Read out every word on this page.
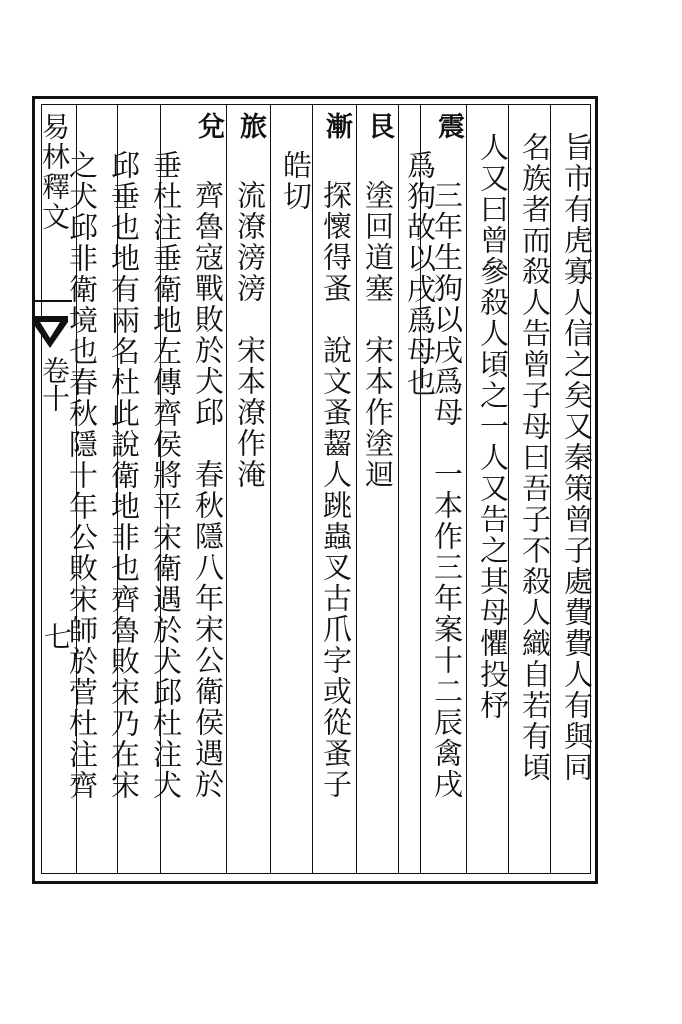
易林釋文
卷十
七	旨市有虎寡人信之矣又秦策曾子處費費人有與同
名族者而殺人告曾子母曰吾子不殺人織自若有頃
人又曰曾參殺人頃之一人又告之其母懼投杼
震
三年生狗以戌爲母　一本作三年案十二辰禽戌
爲狗故以戌爲母也
艮
塗回道塞　宋本作塗迴
漸
探懷得蚤　說文蚤齧人跳蟲叉古爪字或從蚤子
皓切
旅
流潦滂滂　宋本潦作淹
兌
齊魯寇戰敗於犬邱　春秋隱八年宋公衛侯遇於
垂杜注垂衛地左傳齊侯將平宋衛遇於犬邱杜注犬
邱垂也地有兩名杜此說衛地非也齊魯敗宋乃在宋
之犬邱非衛境也春秋隱十年公敗宋師於菅杜注齊
